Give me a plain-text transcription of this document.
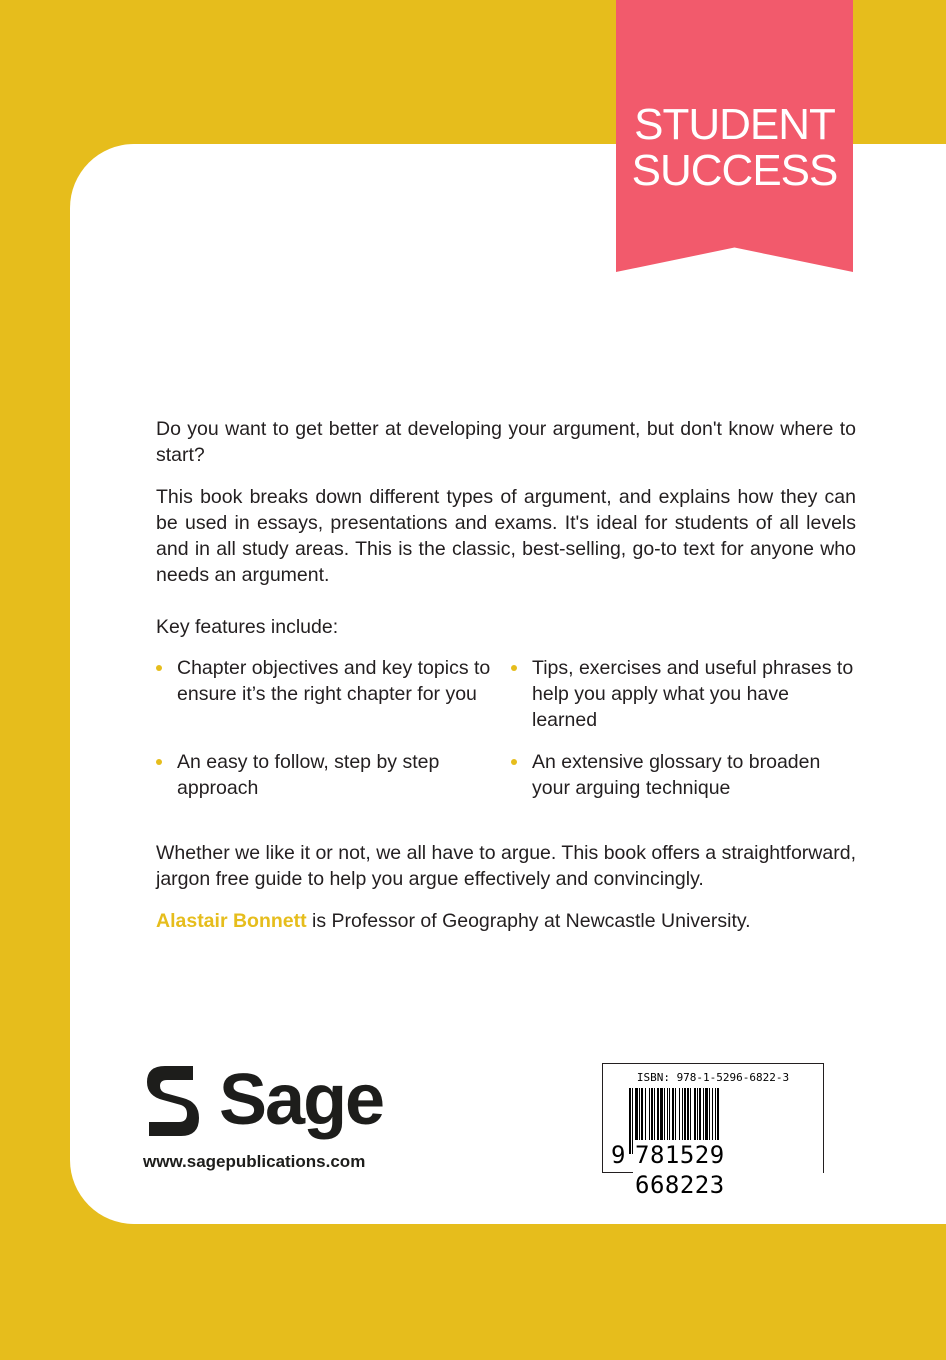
STUDENT
SUCCESS
Do you want to get better at developing your argument, but don't know where to start?
This book breaks down different types of argument, and explains how they can be used in essays, presentations and exams. It's ideal for students of all levels and in all study areas. This is the classic, best-selling, go-to text for anyone who needs an argument.
Key features include:
Chapter objectives and key topics to ensure it’s the right chapter for you
Tips, exercises and useful phrases to help you apply what you have learned
An easy to follow, step by step approach
An extensive glossary to broaden your arguing technique
Whether we like it or not, we all have to argue. This book offers a straightforward, jargon free guide to help you argue effectively and convincingly.
Alastair Bonnett is Professor of Geography at Newcastle University.
Sage
www.sagepublications.com
ISBN: 978-1-5296-6822-3
9 781529 668223
